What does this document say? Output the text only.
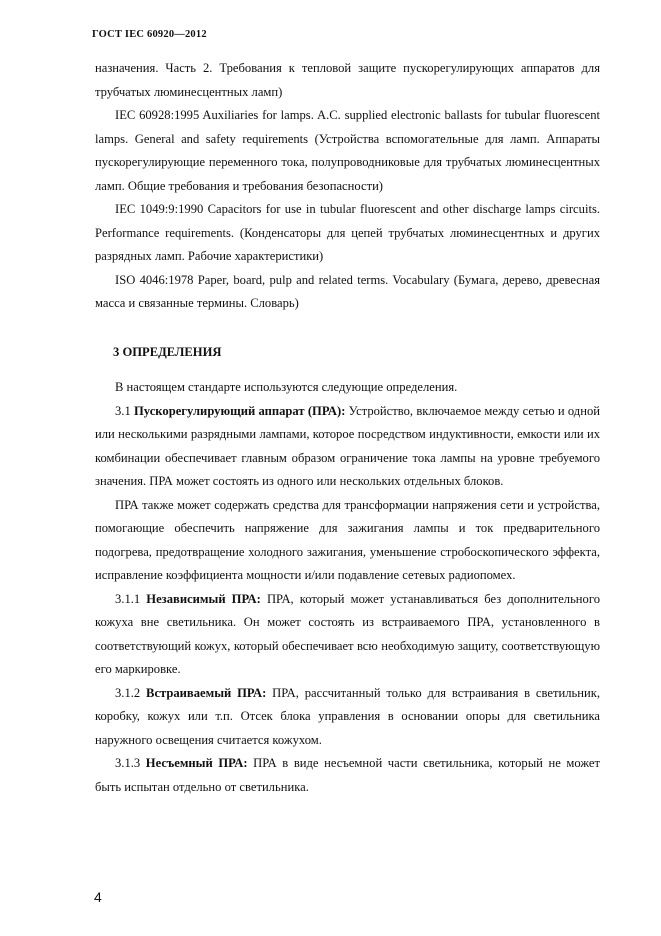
ГОСТ IEC 60920—2012

назначения. Часть 2. Требования к тепловой защите пускорегулирующих аппаратов для трубчатых люминесцентных ламп)

IEC 60928:1995 Auxiliaries for lamps. A.C. supplied electronic ballasts for tubular fluorescent lamps. General and safety requirements (Устройства вспомогательные для ламп. Аппараты пускорегулирующие переменного тока, полупроводниковые для трубчатых люминесцентных ламп. Общие требования и требования безопасности)

IEC 1049:9:1990 Capacitors for use in tubular fluorescent and other discharge lamps circuits. Performance requirements. (Конденсаторы для цепей трубчатых люминесцентных и других разрядных ламп. Рабочие характеристики)

ISO 4046:1978 Paper, board, pulp and related terms. Vocabulary (Бумага, дерево, древесная масса и связанные термины. Словарь)

3 ОПРЕДЕЛЕНИЯ

В настоящем стандарте используются следующие определения.

3.1 Пускорегулирующий аппарат (ПРА): Устройство, включаемое между сетью и одной или несколькими разрядными лампами, которое посредством индуктивности, емкости или их комбинации обеспечивает главным образом ограничение тока лампы на уровне требуемого значения. ПРА может состоять из одного или нескольких отдельных блоков.

ПРА также может содержать средства для трансформации напряжения сети и устройства, помогающие обеспечить напряжение для зажигания лампы и ток предварительного подогрева, предотвращение холодного зажигания, уменьшение стробоскопического эффекта, исправление коэффициента мощности и/или подавление сетевых радиопомех.

3.1.1 Независимый ПРА: ПРА, который может устанавливаться без дополнительного кожуха вне светильника. Он может состоять из встраиваемого ПРА, установленного в соответствующий кожух, который обеспечивает всю необходимую защиту, соответствующую его маркировке.

3.1.2 Встраиваемый ПРА: ПРА, рассчитанный только для встраивания в светильник, коробку, кожух или т.п. Отсек блока управления в основании опоры для светильника наружного освещения считается кожухом.

3.1.3 Несъемный ПРА: ПРА в виде несъемной части светильника, который не может быть испытан отдельно от светильника.

4
